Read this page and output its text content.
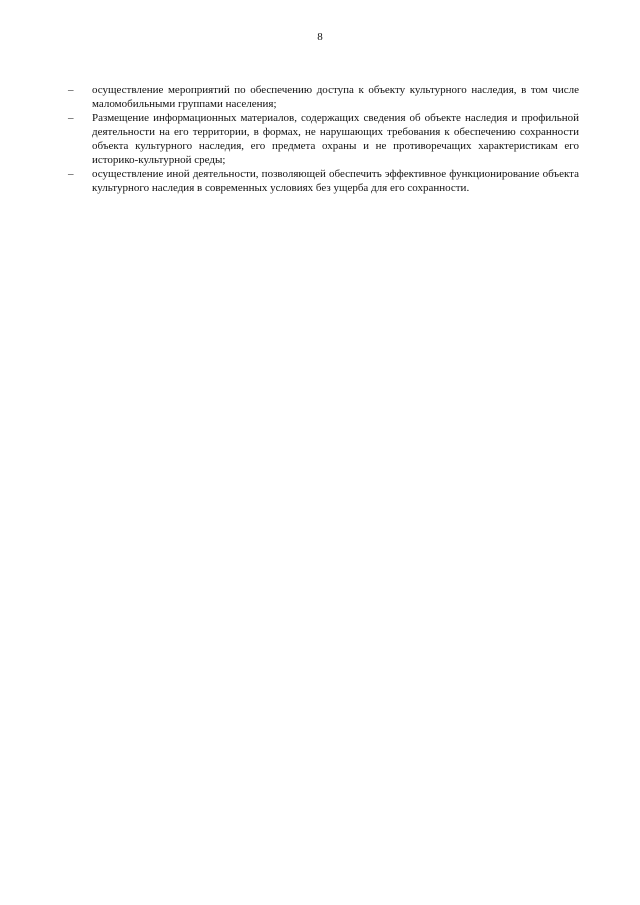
8
–	осуществление мероприятий по обеспечению доступа к объекту культурного наследия, в том числе маломобильными группами населения;
–	Размещение информационных материалов, содержащих сведения об объекте наследия и профильной деятельности на его территории, в формах, не нарушающих требования к обеспечению сохранности объекта культурного наследия, его предмета охраны и не противоречащих характеристикам его историко-культурной среды;
–	осуществление иной деятельности, позволяющей обеспечить эффективное функционирование объекта культурного наследия в современных условиях без ущерба для его сохранности.
